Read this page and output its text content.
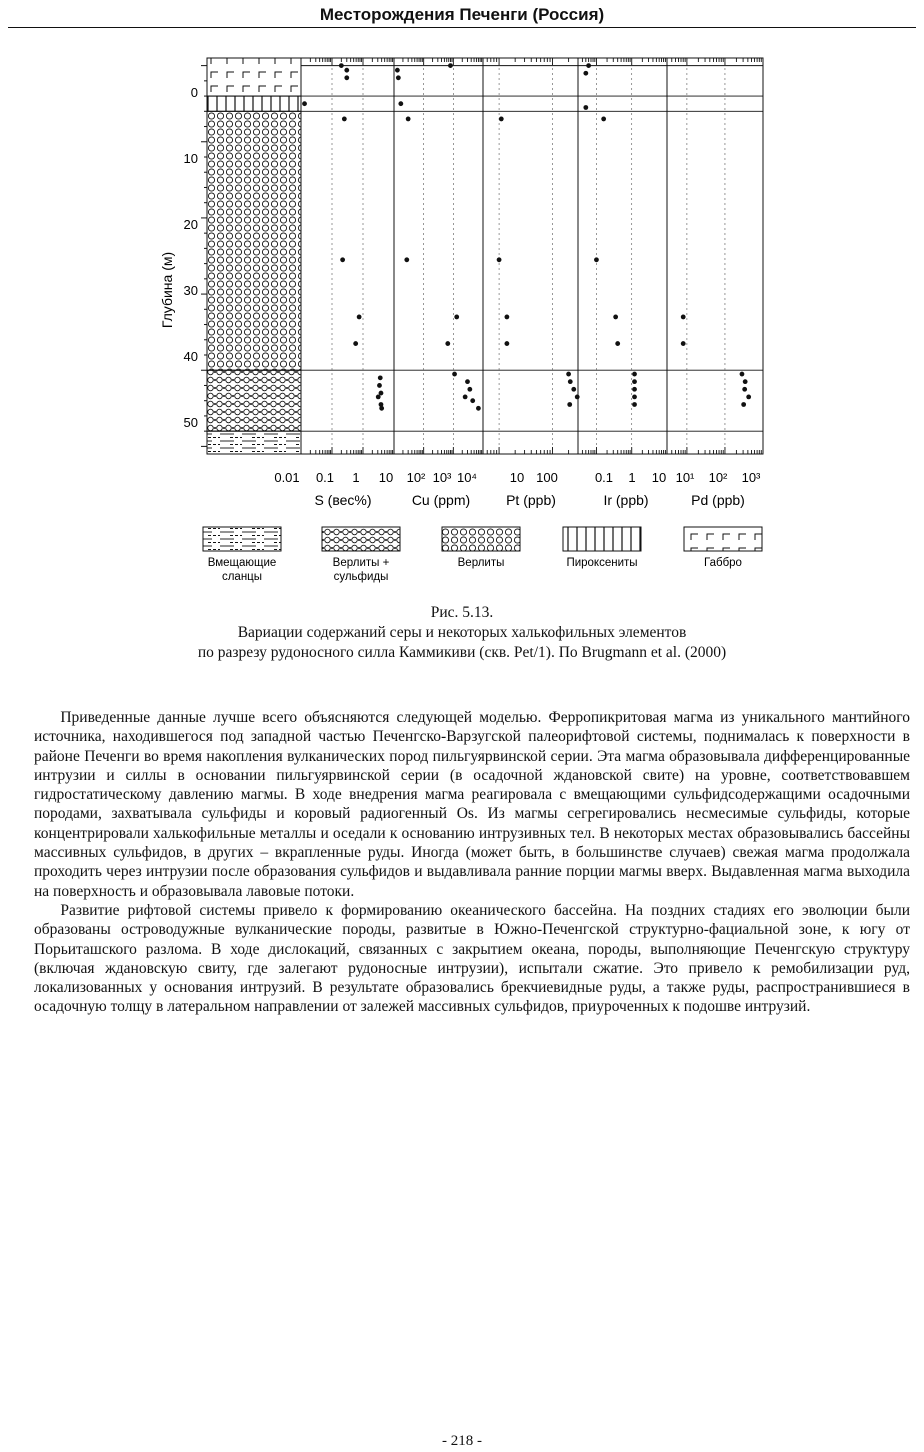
Месторождения Печенги (Россия)
Глубина (м)
0
10
20
30
40
50
0.01 0.1 1 10 10² 10³ 10⁴	10 100	0.1 1 10 10¹ 10² 10³
S (вес%)	Cu (ppm)	Pt (ppb)	Ir (ppb)	Pd (ppb)
Вмещающие сланцы
Верлиты + сульфиды
Верлиты	Пироксениты	Габбро
Рис. 5.13.
Вариации содержаний серы и некоторых халькофильных элементов
по разрезу рудоносного силла Каммикиви (скв. Pet/1). По Brugmann et al. (2000)

Приведенные данные лучше всего объясняются следующей моделью. Ферропикритовая магма из уникального мантийного источника, находившегося под западной частью Печенгско-Варзугской палеорифтовой системы, поднималась к поверхности в районе Печенги во время накопления вулканических пород пильгуярвинской серии. Эта магма образовывала дифференцированные интрузии и силлы в основании пильгуярвинской серии (в осадочной ждановской свите) на уровне, соответствовавшем гидростатическому давлению магмы. В ходе внедрения магма реагировала с вмещающими сульфидсодержащими осадочными породами, захватывала сульфиды и коровый радиогенный Os. Из магмы сегрегировались несмесимые сульфиды, которые концентрировали халькофильные металлы и оседали к основанию интрузивных тел. В некоторых местах образовывались бассейны массивных сульфидов, в других – вкрапленные руды. Иногда (может быть, в большинстве случаев) свежая магма продолжала проходить через интрузии после образования сульфидов и выдавливала ранние порции магмы вверх. Выдавленная магма выходила на поверхность и образовывала лавовые потоки.

Развитие рифтовой системы привело к формированию океанического бассейна. На поздних стадиях его эволюции были образованы островодужные вулканические породы, развитые в Южно-Печенгской структурно-фациальной зоне, к югу от Порьиташского разлома. В ходе дислокаций, связанных с закрытием океана, породы, выполняющие Печенгскую структуру (включая ждановскую свиту, где залегают рудоносные интрузии), испытали сжатие. Это привело к ремобилизации руд, локализованных у основания интрузий. В результате образовались брекчиевидные руды, а также руды, распространившиеся в осадочную толщу в латеральном направлении от залежей массивных сульфидов, приуроченных к подошве интрузий.

- 218 -
